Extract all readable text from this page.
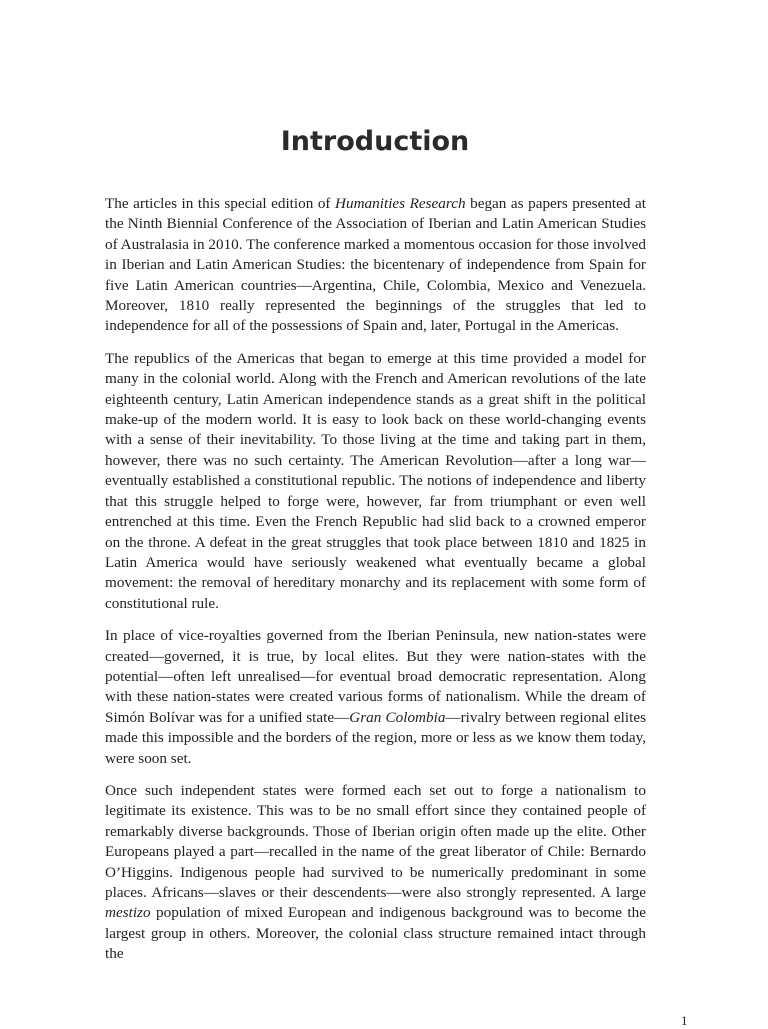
Introduction

The articles in this special edition of Humanities Research began as papers presented at the Ninth Biennial Conference of the Association of Iberian and Latin American Studies of Australasia in 2010. The conference marked a momentous occasion for those involved in Iberian and Latin American Studies: the bicentenary of independence from Spain for five Latin American countries—Argentina, Chile, Colombia, Mexico and Venezuela. Moreover, 1810 really represented the beginnings of the struggles that led to independence for all of the possessions of Spain and, later, Portugal in the Americas.

The republics of the Americas that began to emerge at this time provided a model for many in the colonial world. Along with the French and American revolutions of the late eighteenth century, Latin American independence stands as a great shift in the political make-up of the modern world. It is easy to look back on these world-changing events with a sense of their inevitability. To those living at the time and taking part in them, however, there was no such certainty. The American Revolution—after a long war—eventually established a constitutional republic. The notions of independence and liberty that this struggle helped to forge were, however, far from triumphant or even well entrenched at this time. Even the French Republic had slid back to a crowned emperor on the throne. A defeat in the great struggles that took place between 1810 and 1825 in Latin America would have seriously weakened what eventually became a global movement: the removal of hereditary monarchy and its replacement with some form of constitutional rule.

In place of vice-royalties governed from the Iberian Peninsula, new nation-states were created—governed, it is true, by local elites. But they were nation-states with the potential—often left unrealised—for eventual broad democratic representation. Along with these nation-states were created various forms of nationalism. While the dream of Simón Bolívar was for a unified state—Gran Colombia—rivalry between regional elites made this impossible and the borders of the region, more or less as we know them today, were soon set.

Once such independent states were formed each set out to forge a nationalism to legitimate its existence. This was to be no small effort since they contained people of remarkably diverse backgrounds. Those of Iberian origin often made up the elite. Other Europeans played a part—recalled in the name of the great liberator of Chile: Bernardo O’Higgins. Indigenous people had survived to be numerically predominant in some places. Africans—slaves or their descendents—were also strongly represented. A large mestizo population of mixed European and indigenous background was to become the largest group in others. Moreover, the colonial class structure remained intact through the

1
